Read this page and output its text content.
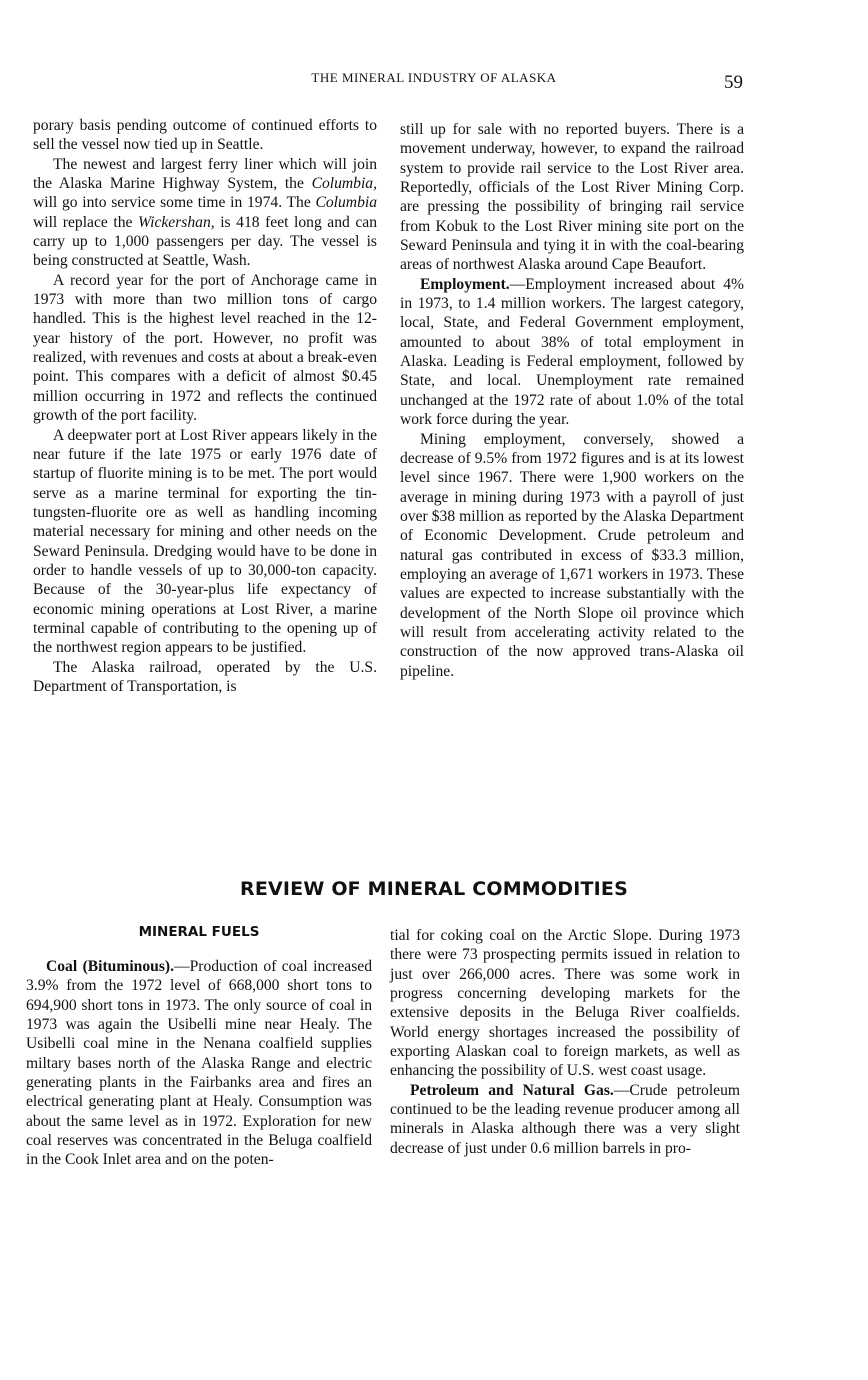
THE MINERAL INDUSTRY OF ALASKA	59

porary basis pending outcome of continued efforts to sell the vessel now tied up in Seattle.

The newest and largest ferry liner which will join the Alaska Marine Highway System, the Columbia, will go into service some time in 1974. The Columbia will replace the Wickershan, is 418 feet long and can carry up to 1,000 passengers per day. The vessel is being constructed at Seattle, Wash.

A record year for the port of Anchorage came in 1973 with more than two million tons of cargo handled. This is the highest level reached in the 12-year history of the port. However, no profit was realized, with revenues and costs at about a break-even point. This compares with a deficit of almost $0.45 million occurring in 1972 and reflects the continued growth of the port facility.

A deepwater port at Lost River appears likely in the near future if the late 1975 or early 1976 date of startup of fluorite mining is to be met. The port would serve as a marine terminal for exporting the tin-tungsten-fluorite ore as well as handling incoming material necessary for mining and other needs on the Seward Peninsula. Dredging would have to be done in order to handle vessels of up to 30,000-ton capacity. Because of the 30-year-plus life expectancy of economic mining operations at Lost River, a marine terminal capable of contributing to the opening up of the northwest region appears to be justified.

The Alaska railroad, operated by the U.S. Department of Transportation, is

still up for sale with no reported buyers. There is a movement underway, however, to expand the railroad system to provide rail service to the Lost River area. Reportedly, officials of the Lost River Mining Corp. are pressing the possibility of bringing rail service from Kobuk to the Lost River mining site port on the Seward Peninsula and tying it in with the coal-bearing areas of northwest Alaska around Cape Beaufort.

Employment.—Employment increased about 4% in 1973, to 1.4 million workers. The largest category, local, State, and Federal Government employment, amounted to about 38% of total employment in Alaska. Leading is Federal employment, followed by State, and local. Unemployment rate remained unchanged at the 1972 rate of about 1.0% of the total work force during the year.

Mining employment, conversely, showed a decrease of 9.5% from 1972 figures and is at its lowest level since 1967. There were 1,900 workers on the average in mining during 1973 with a payroll of just over $38 million as reported by the Alaska Department of Economic Development. Crude petroleum and natural gas contributed in excess of $33.3 million, employing an average of 1,671 workers in 1973. These values are expected to increase substantially with the development of the North Slope oil province which will result from accelerating activity related to the construction of the now approved trans-Alaska oil pipeline.

REVIEW OF MINERAL COMMODITIES
MINERAL FUELS

Coal (Bituminous).—Production of coal increased 3.9% from the 1972 level of 668,000 short tons to 694,900 short tons in 1973. The only source of coal in 1973 was again the Usibelli mine near Healy. The Usibelli coal mine in the Nenana coalfield supplies miltary bases north of the Alaska Range and electric generating plants in the Fairbanks area and fires an electrical generating plant at Healy. Consumption was about the same level as in 1972. Exploration for new coal reserves was concentrated in the Beluga coalfield in the Cook Inlet area and on the poten-

tial for coking coal on the Arctic Slope. During 1973 there were 73 prospecting permits issued in relation to just over 266,000 acres. There was some work in progress concerning developing markets for the extensive deposits in the Beluga River coalfields. World energy shortages increased the possibility of exporting Alaskan coal to foreign markets, as well as enhancing the possibility of U.S. west coast usage.

Petroleum and Natural Gas.—Crude petroleum continued to be the leading revenue producer among all minerals in Alaska although there was a very slight decrease of just under 0.6 million barrels in pro-
